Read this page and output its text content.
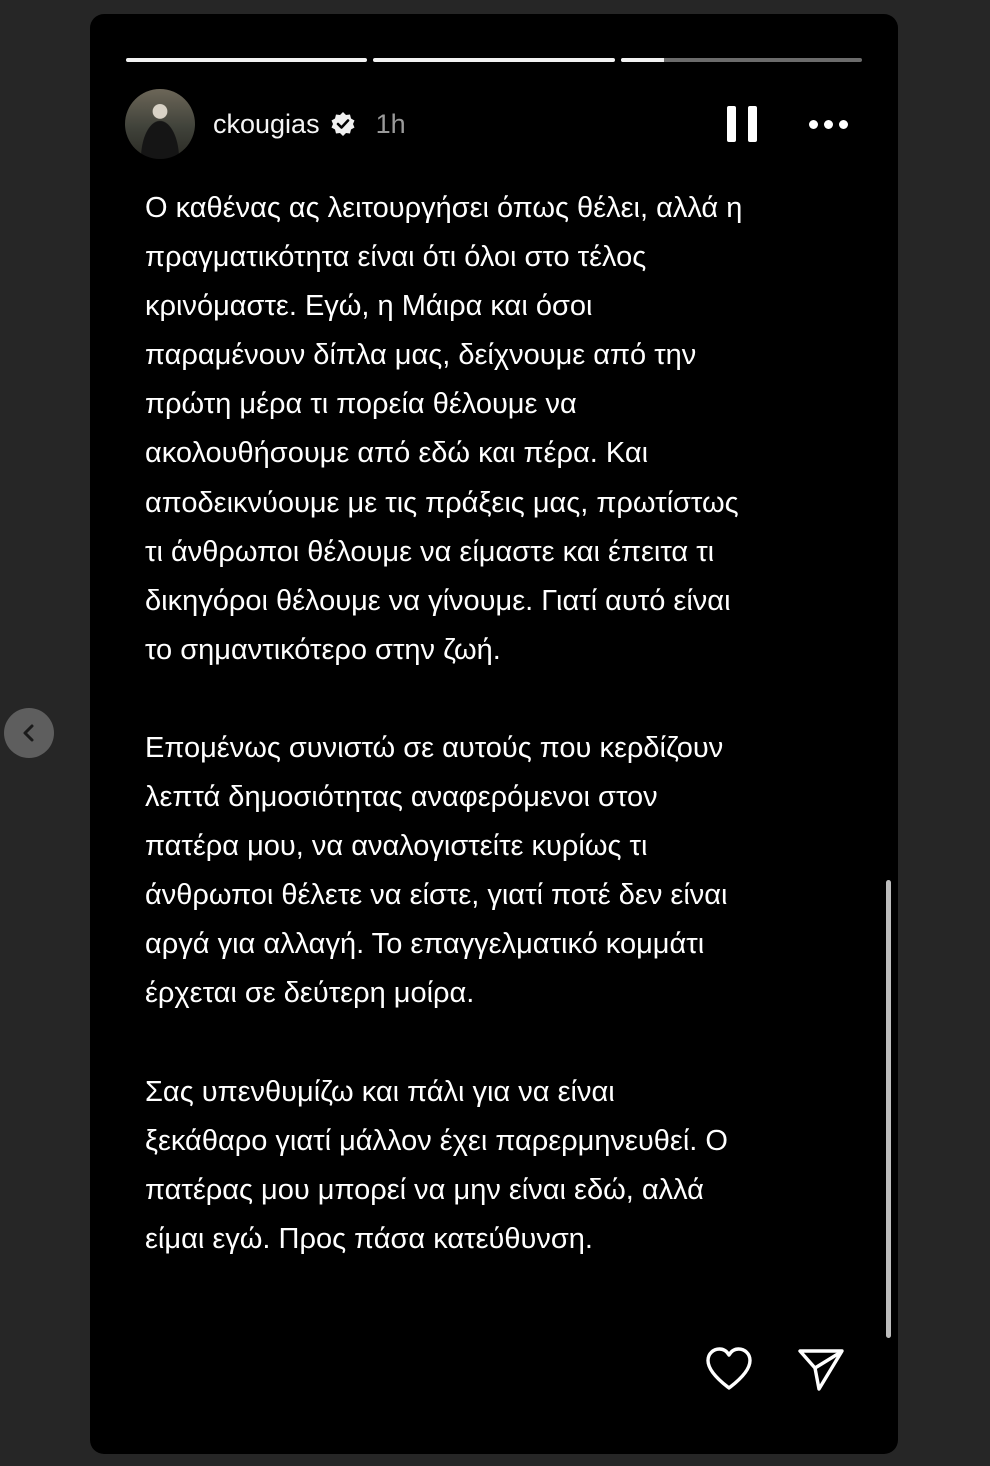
ckougias 1h

Ο καθένας ας λειτουργήσει όπως θέλει, αλλά η
πραγματικότητα είναι ότι όλοι στο τέλος
κρινόμαστε. Εγώ, η Μάιρα και όσοι
παραμένουν δίπλα μας, δείχνουμε από την
πρώτη μέρα τι πορεία θέλουμε να
ακολουθήσουμε από εδώ και πέρα. Και
αποδεικνύουμε με τις πράξεις μας, πρωτίστως
τι άνθρωποι θέλουμε να είμαστε και έπειτα τι
δικηγόροι θέλουμε να γίνουμε. Γιατί αυτό είναι
το σημαντικότερο στην ζωή.

Επομένως συνιστώ σε αυτούς που κερδίζουν
λεπτά δημοσιότητας αναφερόμενοι στον
πατέρα μου, να αναλογιστείτε κυρίως τι
άνθρωποι θέλετε να είστε, γιατί ποτέ δεν είναι
αργά για αλλαγή. Το επαγγελματικό κομμάτι
έρχεται σε δεύτερη μοίρα.

Σας υπενθυμίζω και πάλι για να είναι
ξεκάθαρο γιατί μάλλον έχει παρερμηνευθεί. Ο
πατέρας μου μπορεί να μην είναι εδώ, αλλά
είμαι εγώ. Προς πάσα κατεύθυνση.
